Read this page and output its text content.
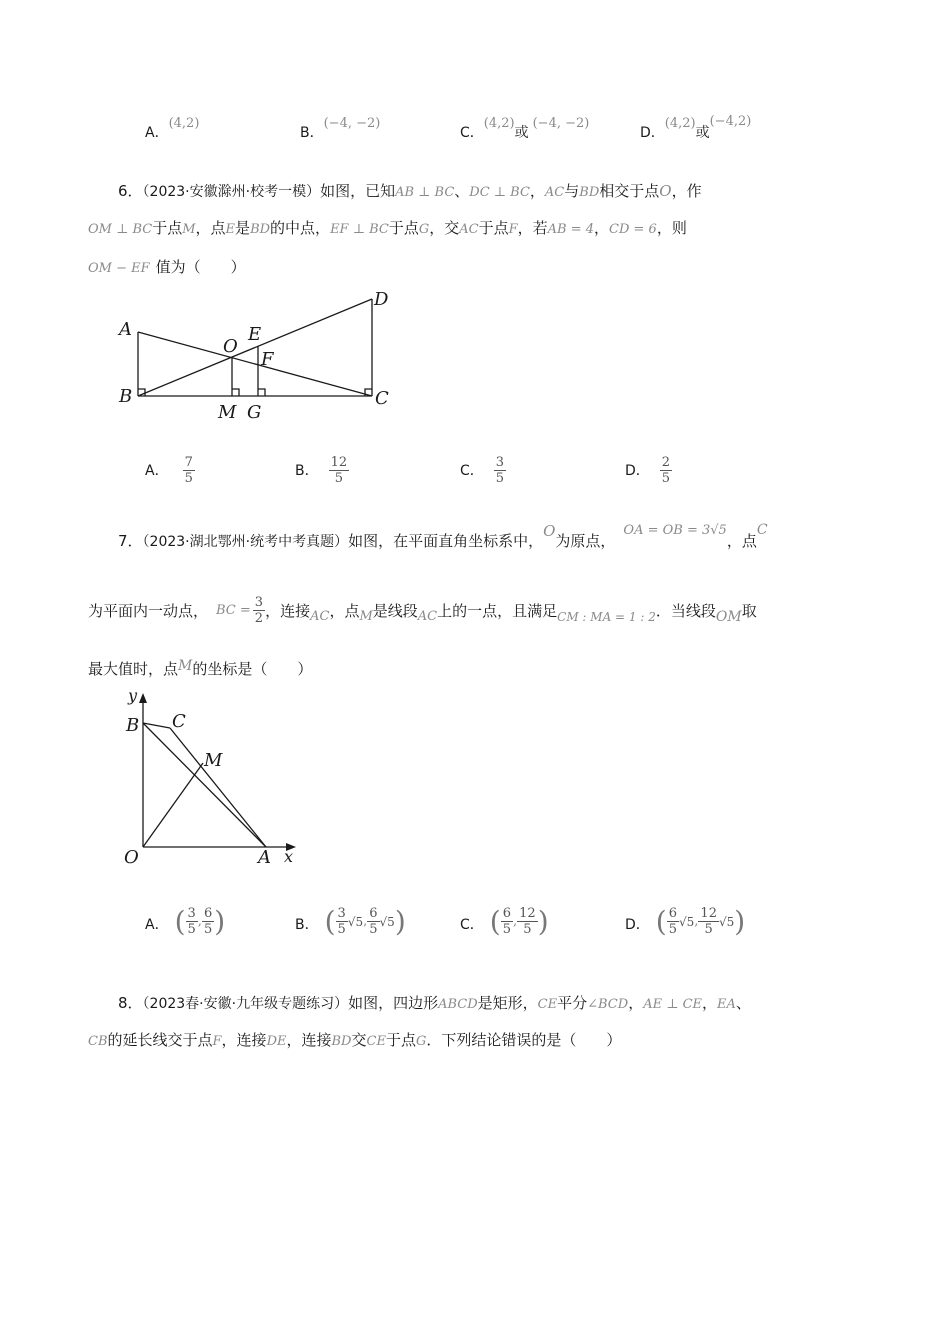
A．(4,2)
B．(−4, −2)
C．(4,2)或(−4, −2)
D．(4,2)或(−4,2)
6．（2023·安徽滁州·校考一模）如图，已知AB ⊥ BC、DC ⊥ BC，AC与BD相交于点O，作
OM ⊥ BC于点M，点E是BD的中点，EF ⊥ BC于点G，交AC于点F，若AB = 4，CD = 6，则
OM − EF 值为（　　）
A
B	C
D
O
E
F
M G
A． $\frac{7}{5}$	B． $\frac{12}{5}$	C． $\frac{3}{5}$	D． $\frac{2}{5}$
7．（2023·湖北鄂州·统考中考真题）如图，在平面直角坐标系中，O为原点，OA = OB = 3√5，点C
为平面内一动点， BC = $\frac{3}{2}$ ，连接 AC ，点 M 是线段 AC 上的一点，且满足 CM : MA = 1 : 2 ．当线段 OM 取
最大值时，点M的坐标是（　　）
y
x
B C
M
O	A
A． ( $\frac{3}{5}$ , $\frac{6}{5}$ )	B． ( $\frac{3}{5} √5$ , $\frac{6}{5} √5$ )	C． ( $\frac{6}{5}$ , $\frac{12}{5}$ )	D． ( $\frac{6}{5} √5$ , $\frac{12}{5} √5$ )
8．（2023春·安徽·九年级专题练习）如图，四边形ABCD是矩形，CE平分∠BCD，AE ⊥ CE，EA、
CB的延长线交于点F，连接DE，连接BD交CE于点G．下列结论错误的是（　　）
